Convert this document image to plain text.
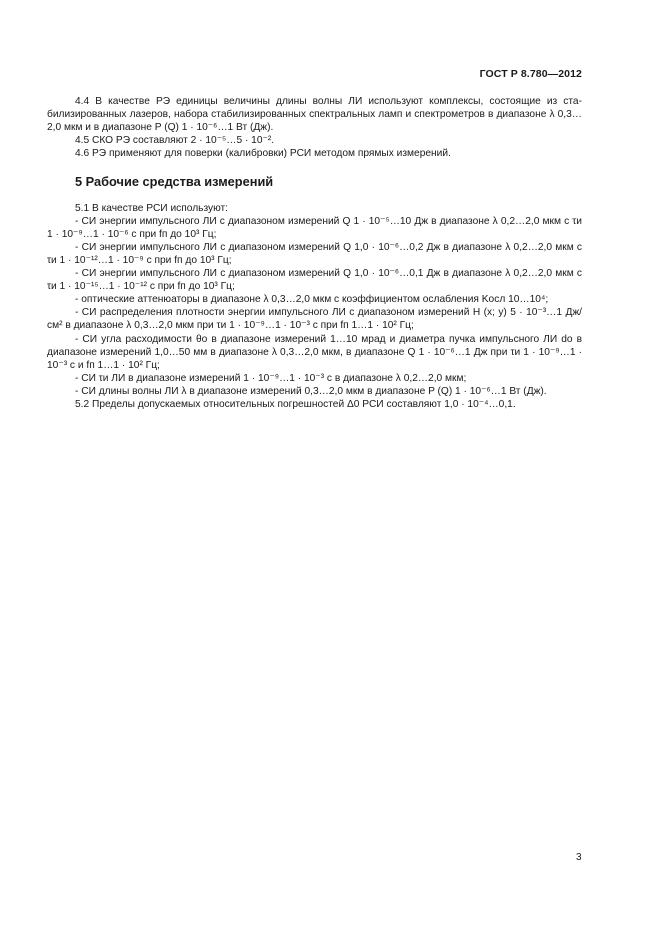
ГОСТ Р 8.780—2012

4.4 В качестве РЭ единицы величины длины волны ЛИ используют комплексы, состоящие из стабилизированных лазеров, набора стабилизированных спектральных ламп и спектрометров в диапазоне λ 0,3…2,0 мкм и в диапазоне P (Q) 1 · 10⁻⁶…1 Вт (Дж).

4.5 СКО РЭ составляют 2 · 10⁻⁵…5 · 10⁻².

4.6 РЭ применяют для поверки (калибровки) РСИ методом прямых измерений.

5 Рабочие средства измерений

5.1 В качестве РСИ используют:

- СИ энергии импульсного ЛИ с диапазоном измерений Q 1 · 10⁻⁵…10 Дж в диапазоне λ 0,2…2,0 мкм с τи 1 · 10⁻⁹…1 · 10⁻⁶ с при fп до 10³ Гц;

- СИ энергии импульсного ЛИ с диапазоном измерений Q 1,0 · 10⁻⁶…0,2 Дж в диапазоне λ 0,2…2,0 мкм с τи 1 · 10⁻¹²…1 · 10⁻⁹ с при fп до 10³ Гц;

- СИ энергии импульсного ЛИ с диапазоном измерений Q 1,0 · 10⁻⁶…0,1 Дж в диапазоне λ 0,2…2,0 мкм с τи 1 · 10⁻¹⁵…1 · 10⁻¹² с при fп до 10³ Гц;

- оптические аттенюаторы в диапазоне λ 0,3…2,0 мкм с коэффициентом ослабления Kосл 10…10⁴;

- СИ распределения плотности энергии импульсного ЛИ с диапазоном измерений H (x; y) 5 · 10⁻³…1 Дж/см² в диапазоне λ 0,3…2,0 мкм при τи 1 · 10⁻⁹…1 · 10⁻³ с при fп 1…1 · 10² Гц;

- СИ угла расходимости θо в диапазоне измерений 1…10 мрад и диаметра пучка импульсного ЛИ dо в диапазоне измерений 1,0…50 мм в диапазоне λ 0,3…2,0 мкм, в диапазоне Q 1 · 10⁻⁶…1 Дж при τи 1 · 10⁻⁹…1 · 10⁻³ с и fп 1…1 · 10² Гц;

- СИ τи ЛИ в диапазоне измерений 1 · 10⁻⁹…1 · 10⁻³ с в диапазоне λ 0,2…2,0 мкм;

- СИ длины волны ЛИ λ в диапазоне измерений 0,3…2,0 мкм в диапазоне P (Q) 1 · 10⁻⁶…1 Вт (Дж).

5.2 Пределы допускаемых относительных погрешностей Δ0 РСИ составляют 1,0 · 10⁻⁴…0,1.

3
